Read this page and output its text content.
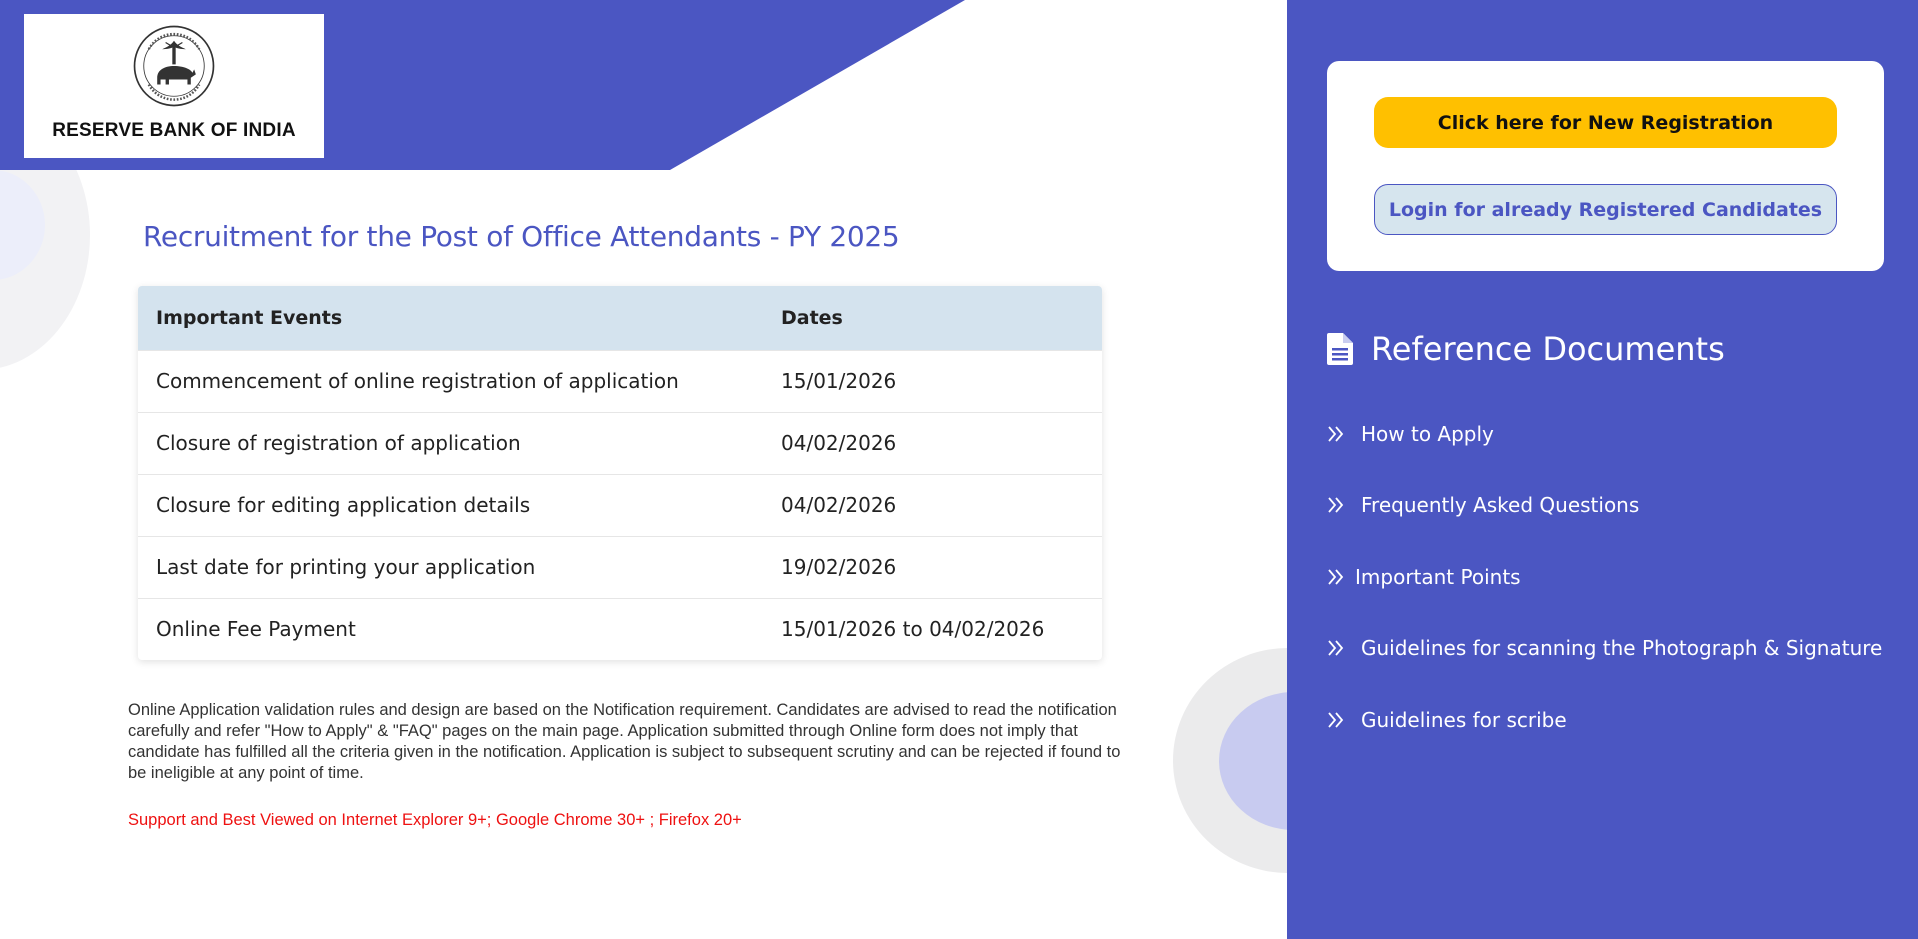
RESERVE BANK OF INDIA
Recruitment for the Post of Office Attendants - PY 2025
Important Events	Dates
Commencement of online registration of application	15/01/2026
Closure of registration of application	04/02/2026
Closure for editing application details	04/02/2026
Last date for printing your application	19/02/2026
Online Fee Payment	15/01/2026 to 04/02/2026

Online Application validation rules and design are based on the Notification requirement. Candidates are advised to read the notification carefully and refer "How to Apply" & "FAQ" pages on the main page. Application submitted through Online form does not imply that candidate has fulfilled all the criteria given in the notification. Application is subject to subsequent scrutiny and can be rejected if found to be ineligible at any point of time.

Support and Best Viewed on Internet Explorer 9+; Google Chrome 30+ ; Firefox 20+

Click here for New Registration
Login for already Registered Candidates
Reference Documents
How to Apply
Frequently Asked Questions
Important Points
Guidelines for scanning the Photograph & Signature
Guidelines for scribe
